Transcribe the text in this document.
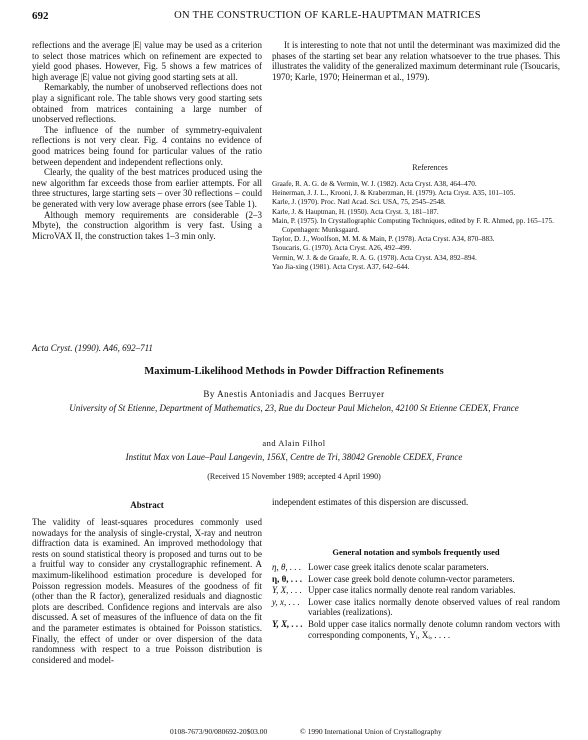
692	ON THE CONSTRUCTION OF KARLE-HAUPTMAN MATRICES

reflections and the average |E| value may be used as a criterion to select those matrices which on refinement are expected to yield good phases. However, Fig. 5 shows a few matrices of high average |E| value not giving good starting sets at all.

Remarkably, the number of unobserved reflections does not play a significant role. The table shows very good starting sets obtained from matrices containing a large number of unobserved reflections.

The influence of the number of symmetry-equivalent reflections is not very clear. Fig. 4 contains no evidence of good matrices being found for particular values of the ratio between dependent and independent reflections only.

Clearly, the quality of the best matrices produced using the new algorithm far exceeds those from earlier attempts. For all three structures, large starting sets – over 30 reflections – could be generated with very low average phase errors (see Table 1).

Although memory requirements are considerable (2–3 Mbyte), the construction algorithm is very fast. Using a MicroVAX II, the construction takes 1–3 min only.

It is interesting to note that not until the determinant was maximized did the phases of the starting set bear any relation whatsoever to the true phases. This illustrates the validity of the generalized maximum determinant rule (Tsoucaris, 1970; Karle, 1970; Heinerman et al., 1979).

References
Graafe, R. A. G. de & Vermin, W. J. (1982). Acta Cryst. A38, 464–470.
Heinerman, J. J. L., Krooni, J. & Kraberzman, H. (1979). Acta Cryst. A35, 101–105.
Karle, J. (1970). Proc. Natl Acad. Sci. USA, 75, 2545–2548.
Karle, J. & Hauptman, H. (1950). Acta Cryst. 3, 181–187.
Main, P. (1975). In Crystallographic Computing Techniques, edited by F. R. Ahmed, pp. 165–175. Copenhagen: Munksgaard.
Taylor, D. J., Woolfson, M. M. & Main, P. (1978). Acta Cryst. A34, 870–883.
Tsoucaris, G. (1970). Acta Cryst. A26, 492–499.
Vermin, W. J. & de Graafe, R. A. G. (1978). Acta Cryst. A34, 892–894.
Yao Jia-xing (1981). Acta Cryst. A37, 642–644.
Acta Cryst. (1990). A46, 692–711
Maximum-Likelihood Methods in Powder Diffraction Refinements
By Anestis Antoniadis and Jacques Berruyer
University of St Etienne, Department of Mathematics, 23, Rue du Docteur Paul Michelon, 42100 St Etienne CEDEX, France
and Alain Filhol
Institut Max von Laue–Paul Langevin, 156X, Centre de Tri, 38042 Grenoble CEDEX, France
(Received 15 November 1989; accepted 4 April 1990)
Abstract

The validity of least-squares procedures commonly used nowadays for the analysis of single-crystal, X-ray and neutron diffraction data is examined. An improved methodology that rests on sound statistical theory is proposed and turns out to be a fruitful way to consider any crystallographic refinement. A maximum-likelihood estimation procedure is developed for Poisson regression models. Measures of the goodness of fit (other than the R factor), generalized residuals and diagnostic plots are described. Confidence regions and intervals are also discussed. A set of measures of the influence of data on the fit and the parameter estimates is obtained for Poisson statistics. Finally, the effect of under or over dispersion of the data randomness with respect to a true Poisson distribution is considered and model-

independent estimates of this dispersion are discussed.

General notation and symbols frequently used
η, θ, . . . Lower case greek italics denote scalar parameters.
η, θ, . . . Lower case greek bold denote column-vector parameters.
Y, X, . . . Upper case italics normally denote real random variables.
y, x, . . . Lower case italics normally denote observed values of real random variables (realizations).
Y, X, . . . Bold upper case italics normally denote column random vectors with corresponding components, Yᵢ, Xᵢ, . . . .
0108-7673/90/080692-20$03.00	© 1990 International Union of Crystallography
